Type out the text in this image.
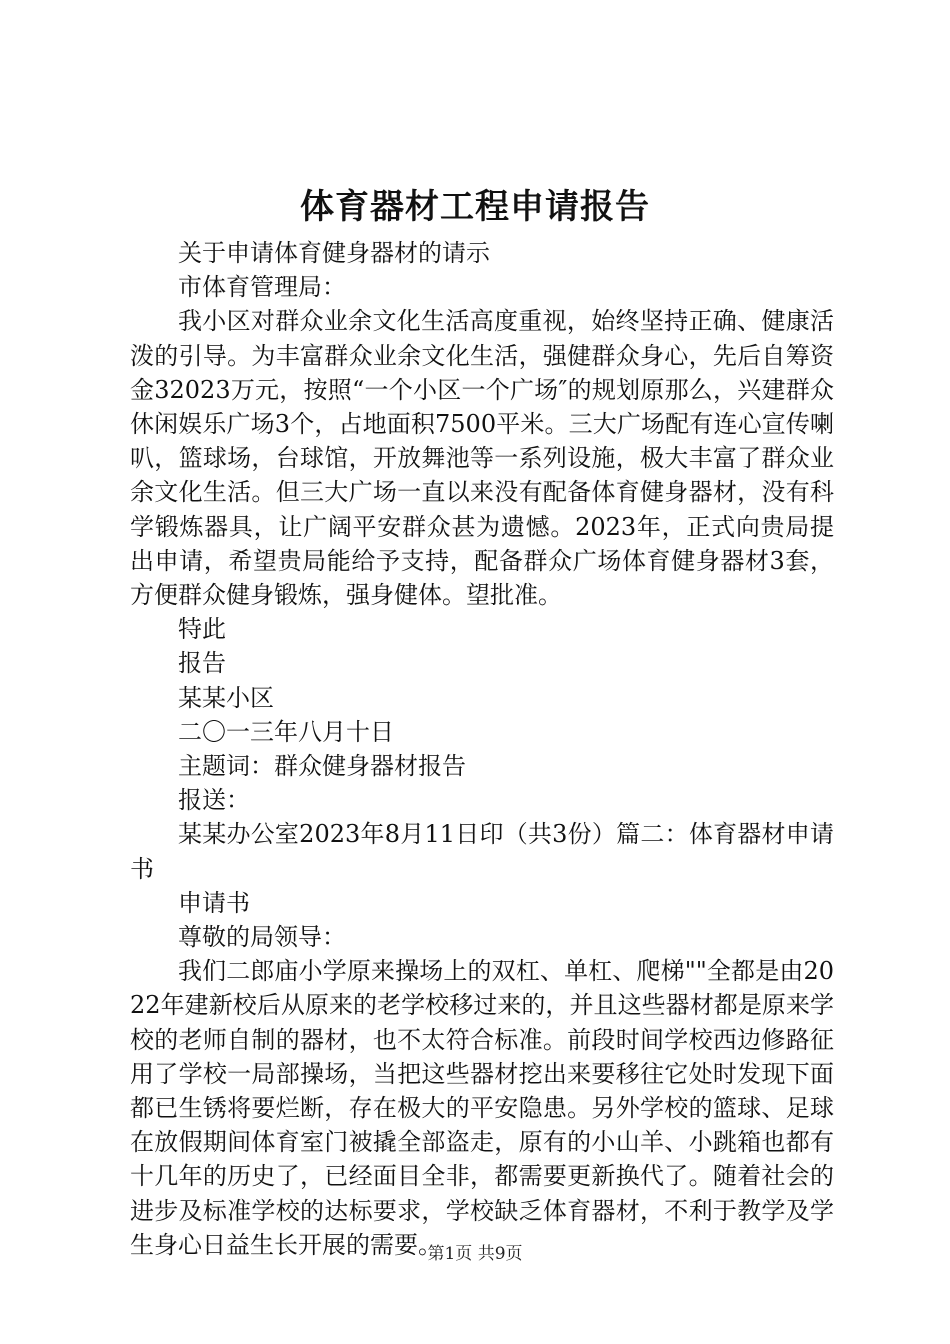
体育器材工程申请报告

关于申请体育健身器材的请示

市体育管理局：

我小区对群众业余文化生活高度重视，始终坚持正确、健康活泼的引导。为丰富群众业余文化生活，强健群众身心，先后自筹资金32023万元，按照“一个小区一个广场″的规划原那么，兴建群众休闲娱乐广场3个，占地面积7500平米。三大广场配有连心宣传喇叭，篮球场，台球馆，开放舞池等一系列设施，极大丰富了群众业余文化生活。但三大广场一直以来没有配备体育健身器材，没有科学锻炼器具，让广阔平安群众甚为遗憾。2023年，正式向贵局提出申请，希望贵局能给予支持，配备群众广场体育健身器材3套，方便群众健身锻炼，强身健体。望批准。

特此

报告

某某小区

二〇一三年八月十日

主题词：群众健身器材报告

报送：

某某办公室2023年8月11日印（共3份）篇二：体育器材申请书

申请书

尊敬的局领导：

我们二郎庙小学原来操场上的双杠、单杠、爬梯""全都是由2022年建新校后从原来的老学校移过来的，并且这些器材都是原来学校的老师自制的器材，也不太符合标准。前段时间学校西边修路征用了学校一局部操场，当把这些器材挖出来要移往它处时发现下面都已生锈将要烂断，存在极大的平安隐患。另外学校的篮球、足球在放假期间体育室门被撬全部盗走，原有的小山羊、小跳箱也都有十几年的历史了，已经面目全非，都需要更新换代了。随着社会的进步及标准学校的达标要求，学校缺乏体育器材，不利于教学及学生身心日益生长开展的需要。

第1页 共9页
